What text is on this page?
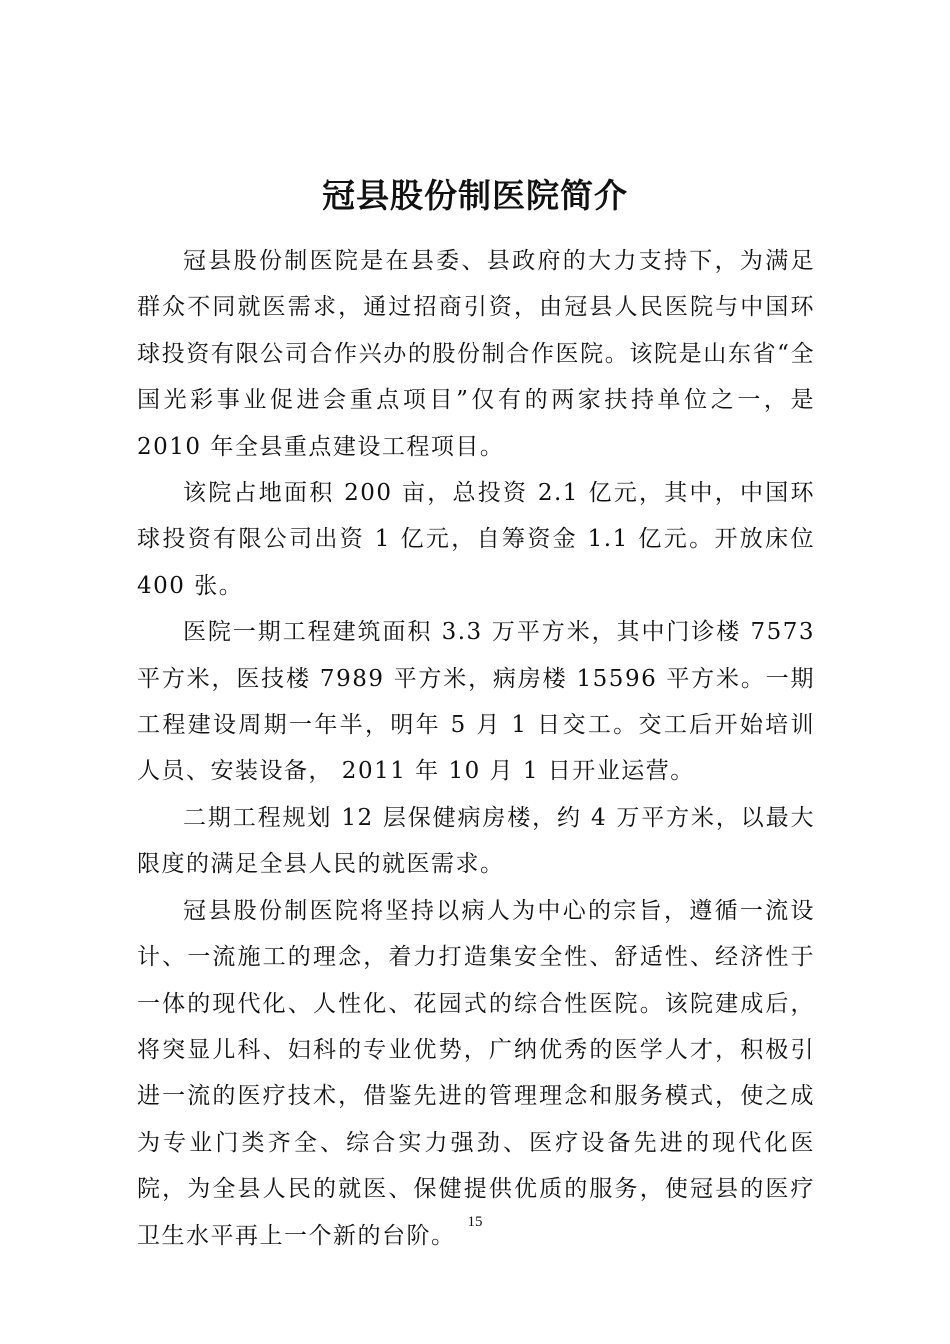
冠县股份制医院简介

冠县股份制医院是在县委、县政府的大力支持下，为满足群众不同就医需求，通过招商引资，由冠县人民医院与中国环球投资有限公司合作兴办的股份制合作医院。该院是山东省“全国光彩事业促进会重点项目”仅有的两家扶持单位之一，是 2010 年全县重点建设工程项目。

该院占地面积 200 亩，总投资 2.1 亿元，其中，中国环球投资有限公司出资 1 亿元，自筹资金 1.1 亿元。开放床位 400 张。

医院一期工程建筑面积 3.3 万平方米，其中门诊楼 7573 平方米，医技楼 7989 平方米，病房楼 15596 平方米。一期工程建设周期一年半，明年 5 月 1 日交工。交工后开始培训人员、安装设备， 2011 年 10 月 1 日开业运营。

二期工程规划 12 层保健病房楼，约 4 万平方米，以最大限度的满足全县人民的就医需求。

冠县股份制医院将坚持以病人为中心的宗旨，遵循一流设计、一流施工的理念，着力打造集安全性、舒适性、经济性于一体的现代化、人性化、花园式的综合性医院。该院建成后，将突显儿科、妇科的专业优势，广纳优秀的医学人才，积极引进一流的医疗技术，借鉴先进的管理理念和服务模式，使之成为专业门类齐全、综合实力强劲、医疗设备先进的现代化医院，为全县人民的就医、保健提供优质的服务，使冠县的医疗卫生水平再上一个新的台阶。

15
